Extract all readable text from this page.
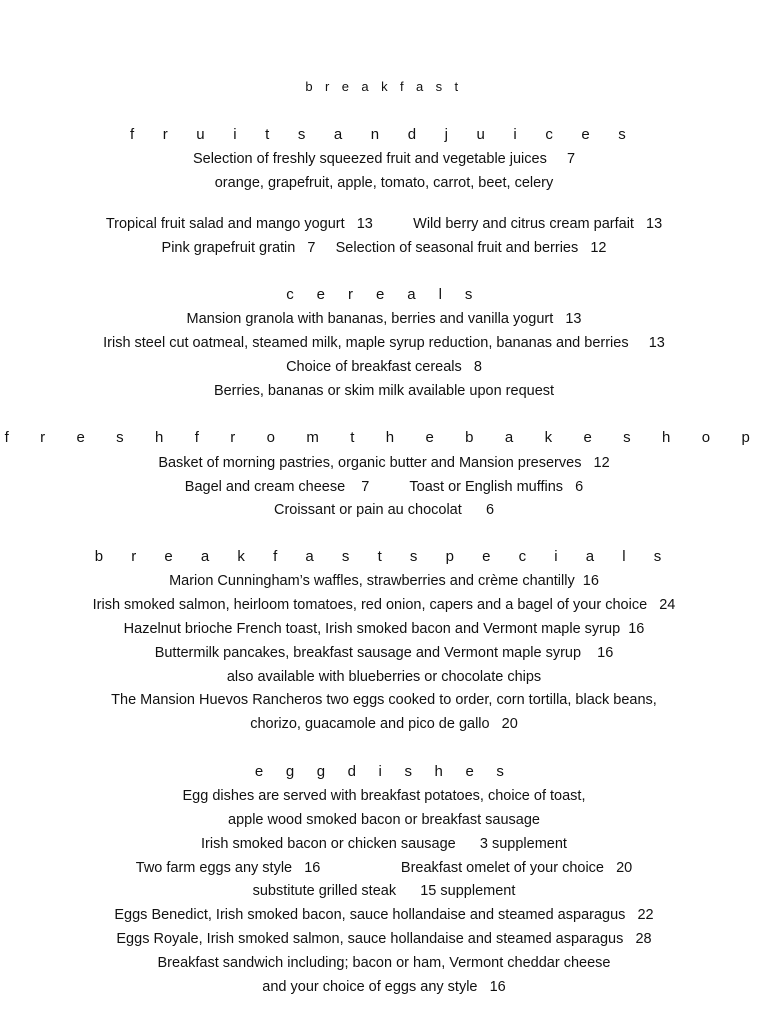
b r e a k f a s t
f r u i t s a n d j u i c e s
Selection of freshly squeezed fruit and vegetable juices     7
orange, grapefruit, apple, tomato, carrot, beet, celery
Tropical fruit salad and mango yogurt   13          Wild berry and citrus cream parfait   13
Pink grapefruit gratin   7     Selection of seasonal fruit and berries   12
c e r e a l s
Mansion granola with bananas, berries and vanilla yogurt   13
Irish steel cut oatmeal, steamed milk, maple syrup reduction, bananas and berries     13
Choice of breakfast cereals   8
Berries, bananas or skim milk available upon request
f r e s h f r o m t h e b a k e s h o p
Basket of morning pastries, organic butter and Mansion preserves   12
Bagel and cream cheese    7          Toast or English muffins   6
Croissant or pain au chocolat      6
b r e a k f a s t s p e c i a l s
Marion Cunningham’s waffles, strawberries and crème chantilly  16
Irish smoked salmon, heirloom tomatoes, red onion, capers and a bagel of your choice   24
Hazelnut brioche French toast, Irish smoked bacon and Vermont maple syrup  16
Buttermilk pancakes, breakfast sausage and Vermont maple syrup    16
also available with blueberries or chocolate chips
The Mansion Huevos Rancheros two eggs cooked to order, corn tortilla, black beans,
chorizo, guacamole and pico de gallo   20
e g g d i s h e s
Egg dishes are served with breakfast potatoes, choice of toast,
apple wood smoked bacon or breakfast sausage
Irish smoked bacon or chicken sausage      3 supplement
Two farm eggs any style   16                    Breakfast omelet of your choice   20
substitute grilled steak      15 supplement
Eggs Benedict, Irish smoked bacon, sauce hollandaise and steamed asparagus   22
Eggs Royale, Irish smoked salmon, sauce hollandaise and steamed asparagus   28
Breakfast sandwich including; bacon or ham, Vermont cheddar cheese
and your choice of eggs any style   16
